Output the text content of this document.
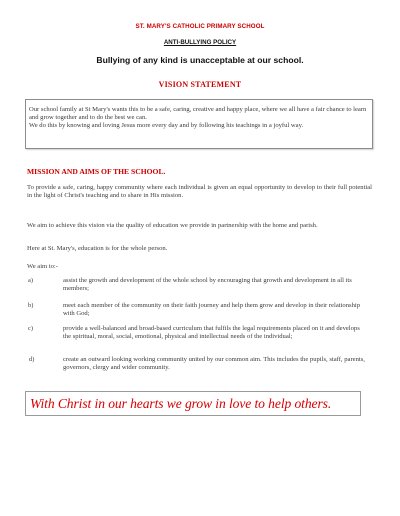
ST. MARY'S CATHOLIC PRIMARY SCHOOL
ANTI-BULLYING POLICY
Bullying of any kind is unacceptable at our school.
VISION STATEMENT

Our school family at St Mary's wants this to be a safe, caring, creative and happy place, where we all have a fair chance to learn and grow together and to do the best we can.

We do this by knowing and loving Jesus more every day and by following his teachings in a joyful way.

MISSION AND AIMS OF THE SCHOOL.

To provide a safe, caring, happy community where each individual is given an equal opportunity to develop to their full potential in the light of Christ's teaching and to share in His mission.

We aim to achieve this vision via the quality of education we provide in partnership with the home and parish.

Here at St. Mary's, education is for the whole person.

We aim to:-

a)	assist the growth and development of the whole school by encouraging that growth and development in all its members;

b)	meet each member of the community on their faith journey and help them grow and develop in their relationship with God;

c)	provide a well-balanced and broad-based curriculum that fulfils the legal requirements placed on it and develops the spiritual, moral, social, emotional, physical and intellectual needs of the individual;

d)	create an outward looking working community united by our common aim. This includes the pupils, staff, parents, governors, clergy and wider community.

With Christ in our hearts we grow in love to help others.
